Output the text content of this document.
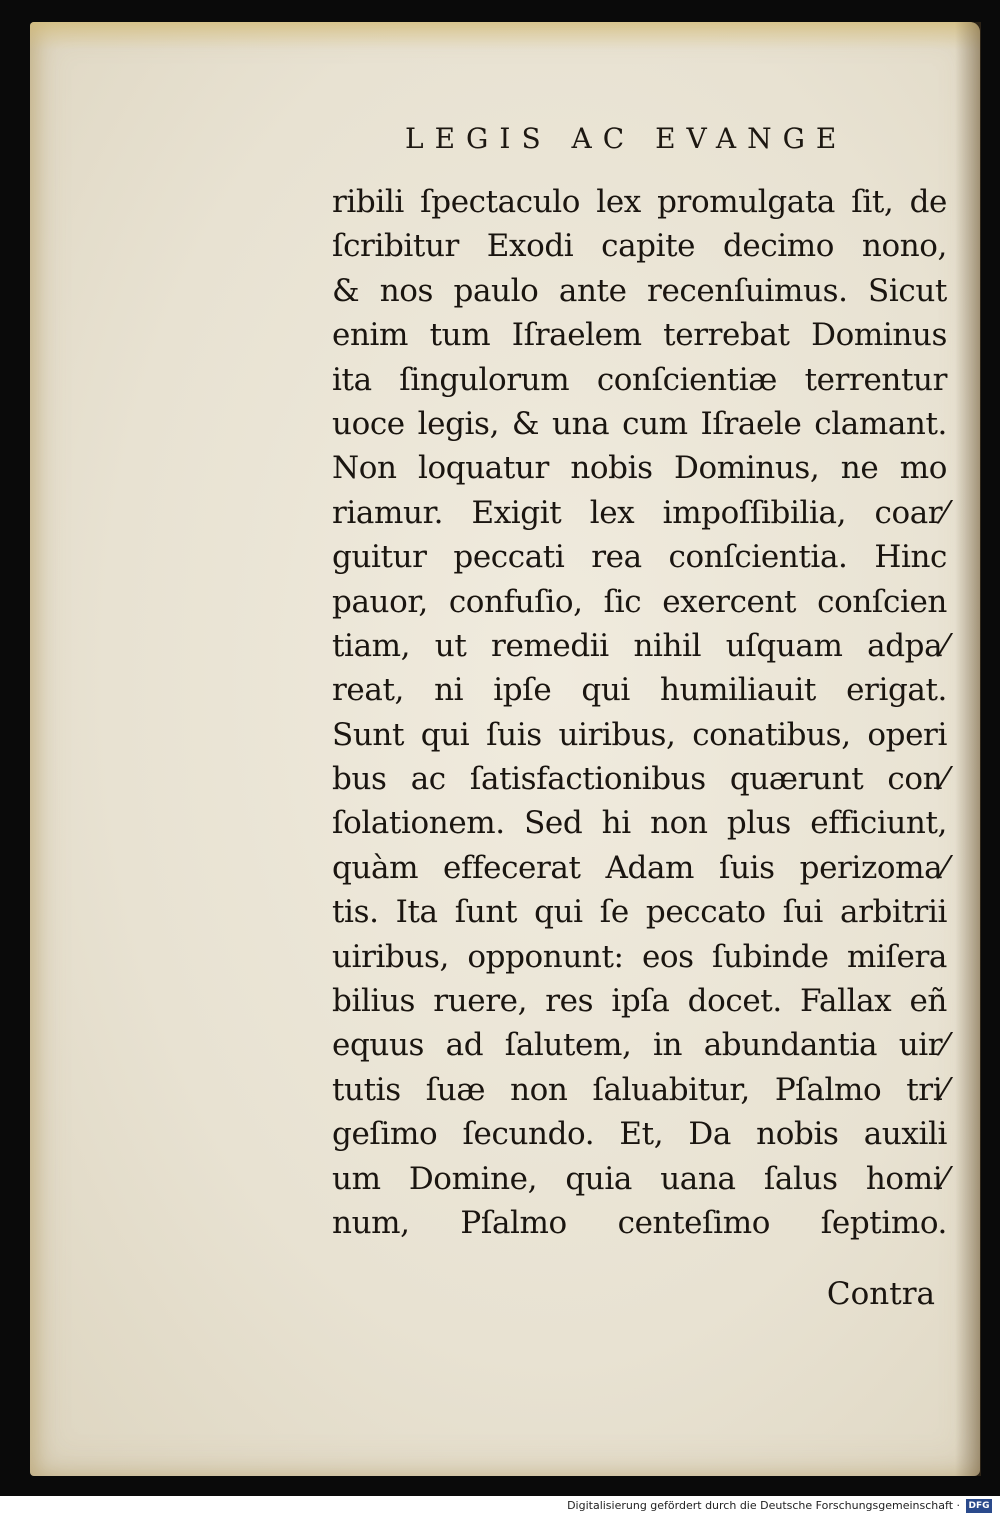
LEGIS AC EVANGE
ribili ſpectaculo lex promulgata ſit, de
ſcribitur Exodi capite decimo nono,
& nos paulo ante recenſuimus. Sicut
enim tum Iſraelem terrebat Dominus
ita ſingulorum conſcientiæ terrentur
uoce legis, & una cum Iſraele clamant.
Non loquatur nobis Dominus, ne mo
riamur. Exigit lex impoſſibilia, coar⁄
guitur peccati rea conſcientia. Hinc
pauor, confuſio, ſic exercent conſcien
tiam, ut remedii nihil uſquam adpa⁄
reat, ni ipſe qui humiliauit erigat.
Sunt qui ſuis uiribus, conatibus, operi
bus ac ſatisfactionibus quærunt con⁄
ſolationem. Sed hi non plus efficiunt,
quàm effecerat Adam ſuis perizoma⁄
tis. Ita ſunt qui ſe peccato ſui arbitrii
uiribus, opponunt: eos ſubinde miſera
bilius ruere, res ipſa docet. Fallax eñ
equus ad ſalutem, in abundantia uir⁄
tutis ſuæ non ſaluabitur, Pſalmo tri⁄
geſimo ſecundo. Et, Da nobis auxili
um Domine, quia uana ſalus homi⁄
num, Pſalmo centeſimo ſeptimo.
Contra
Digitalisierung gefördert durch die Deutsche Forschungsgemeinschaft · DFG
